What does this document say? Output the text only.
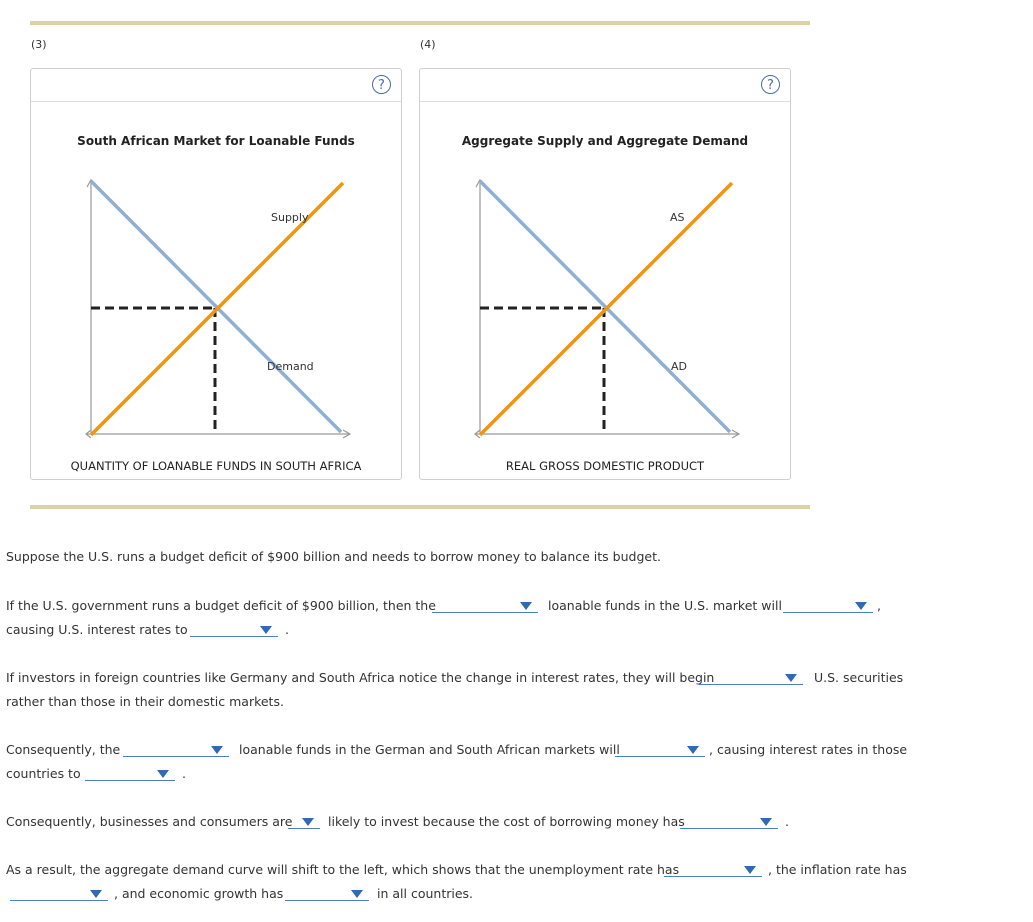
(3)	(4)
?
South African Market for Loanable Funds
Supply
Demand
QUANTITY OF LOANABLE FUNDS IN SOUTH AFRICA
?
Aggregate Supply and Aggregate Demand
AS
AD
REAL GROSS DOMESTIC PRODUCT
Suppose the U.S. runs a budget deficit of $900 billion and needs to borrow money to balance its budget.
If the U.S. government runs a budget deficit of $900 billion, then the	loanable funds in the U.S. market will	,
causing U.S. interest rates to	.
If investors in foreign countries like Germany and South Africa notice the change in interest rates, they will begin	U.S. securities
rather than those in their domestic markets.
Consequently, the	loanable funds in the German and South African markets will	, causing interest rates in those
countries to	.
Consequently, businesses and consumers are	likely to invest because the cost of borrowing money has	.
As a result, the aggregate demand curve will shift to the left, which shows that the unemployment rate has	, the inflation rate has
, and economic growth has	in all countries.
